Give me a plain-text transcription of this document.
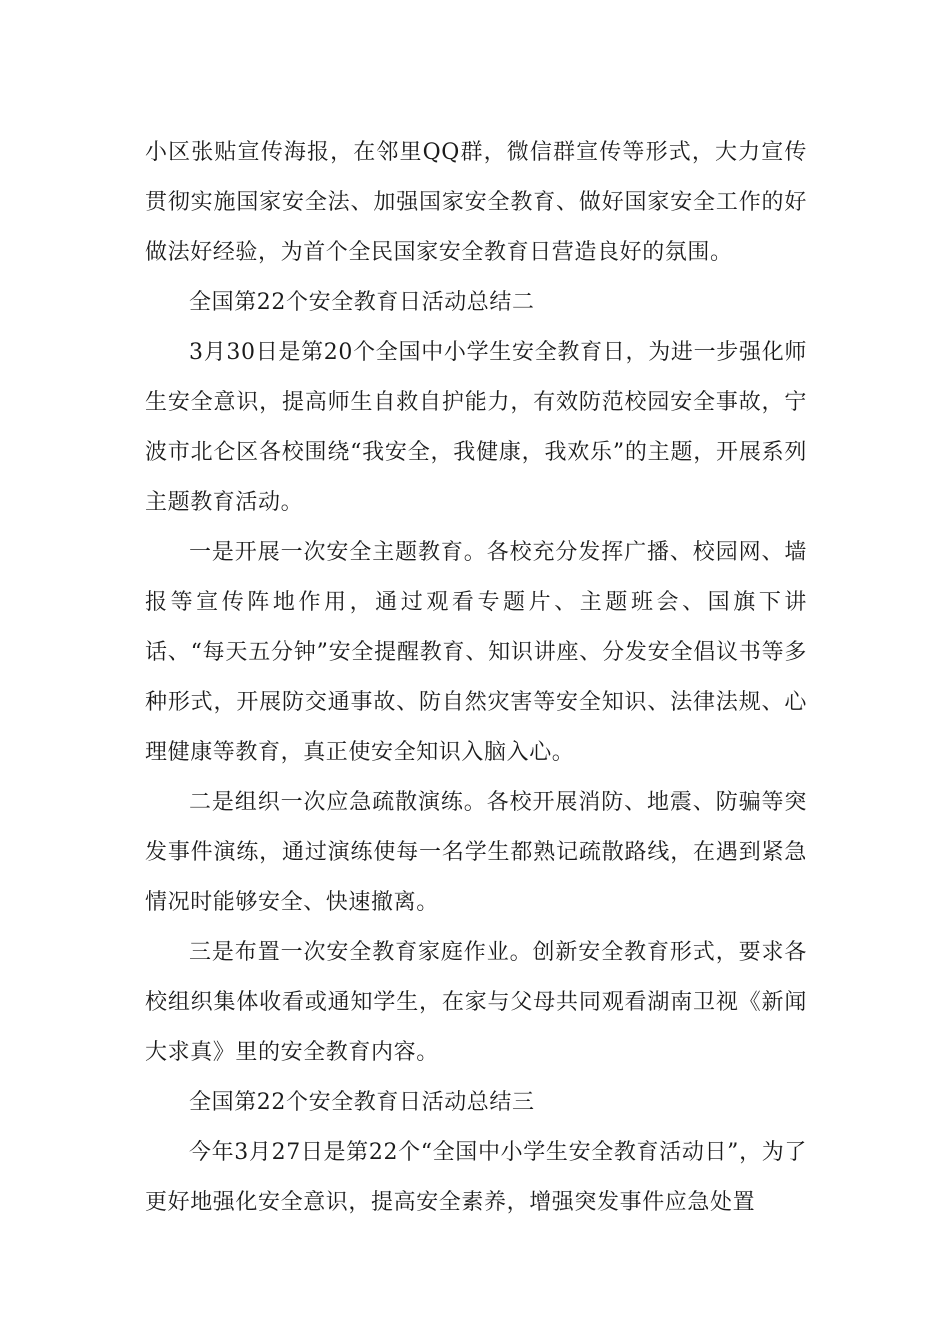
小区张贴宣传海报，在邻里QQ群，微信群宣传等形式，大力宣传贯彻实施国家安全法、加强国家安全教育、做好国家安全工作的好做法好经验，为首个全民国家安全教育日营造良好的氛围。

全国第22个安全教育日活动总结二

3月30日是第20个全国中小学生安全教育日，为进一步强化师生安全意识，提高师生自救自护能力，有效防范校园安全事故，宁波市北仑区各校围绕“我安全，我健康，我欢乐”的主题，开展系列主题教育活动。

一是开展一次安全主题教育。各校充分发挥广播、校园网、墙报等宣传阵地作用，通过观看专题片、主题班会、国旗下讲话、“每天五分钟”安全提醒教育、知识讲座、分发安全倡议书等多种形式，开展防交通事故、防自然灾害等安全知识、法律法规、心理健康等教育，真正使安全知识入脑入心。

二是组织一次应急疏散演练。各校开展消防、地震、防骗等突发事件演练，通过演练使每一名学生都熟记疏散路线，在遇到紧急情况时能够安全、快速撤离。

三是布置一次安全教育家庭作业。创新安全教育形式，要求各校组织集体收看或通知学生，在家与父母共同观看湖南卫视《新闻大求真》里的安全教育内容。

全国第22个安全教育日活动总结三

今年3月27日是第22个“全国中小学生安全教育活动日”，为了更好地强化安全意识，提高安全素养，增强突发事件应急处置
